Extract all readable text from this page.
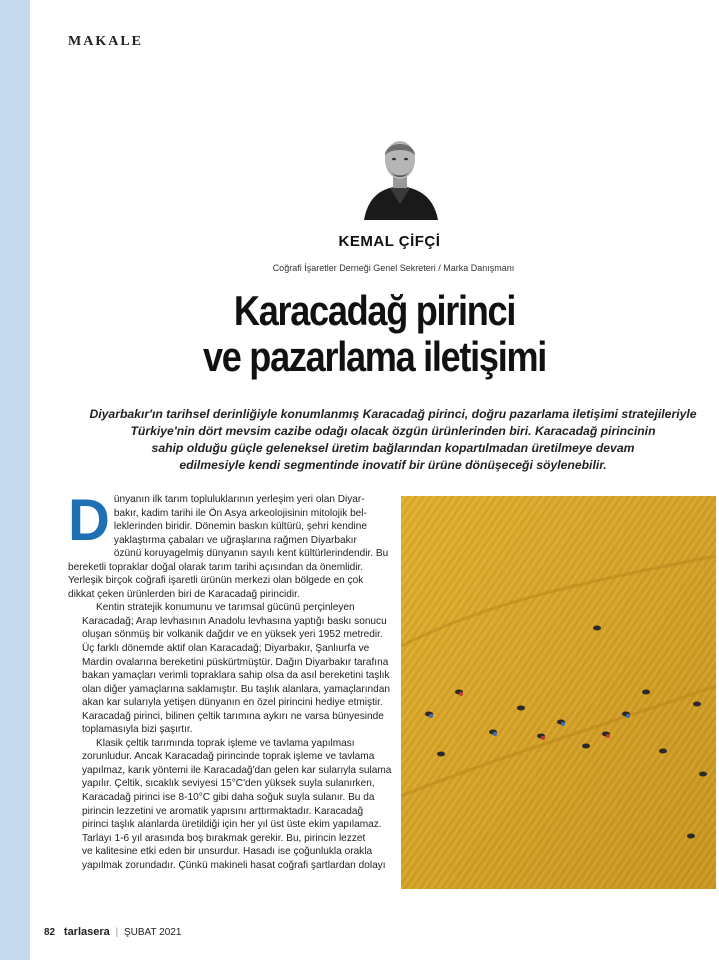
MAKALE
KEMAL ÇİFÇİ
Coğrafi İşaretler Derneği Genel Sekreteri / Marka Danışmanı
Karacadağ pirinci
ve pazarlama iletişimi
Diyarbakır'ın tarihsel derinliğiyle konumlanmış Karacadağ pirinci, doğru pazarlama iletişimi stratejileriyle
Türkiye'nin dört mevsim cazibe odağı olacak özgün ürünlerinden biri. Karacadağ pirincinin
sahip olduğu güçle geleneksel üretim bağlarından kopartılmadan üretilmeye devam
edilmesiyle kendi segmentinde inovatif bir ürüne dönüşeceği söylenebilir.

D ünyanın ilk tarım topluluklarının yerleşim yeri olan Diyar-
bakır, kadim tarihi ile Ön Asya arkeolojisinin mitolojik bel-
leklerinden biridir. Dönemin baskın kültürü, şehri kendine
yaklaştırma çabaları ve uğraşlarına rağmen Diyarbakır
özünü koruyagelmiş dünyanın sayılı kent kültürlerindendir. Bu
bereketli topraklar doğal olarak tarım tarihi açısından da önemlidir.
Yerleşik birçok coğrafi işaretli ürünün merkezi olan bölgede en çok
dikkat çeken ürünlerden biri de Karacadağ pirincidir.

Kentin stratejik konumunu ve tarımsal gücünü perçinleyen
Karacadağ; Arap levhasının Anadolu levhasına yaptığı baskı sonucu
oluşan sönmüş bir volkanik dağdır ve en yüksek yeri 1952 metredir.
Üç farklı dönemde aktif olan Karacadağ; Diyarbakır, Şanlıurfa ve
Mardin ovalarına bereketini püskürtmüştür. Dağın Diyarbakır tarafına
bakan yamaçları verimli topraklara sahip olsa da asıl bereketini taşlık
olan diğer yamaçlarına saklamıştır. Bu taşlık alanlara, yamaçlarından
akan kar sularıyla yetişen dünyanın en özel pirincini hediye etmiştir.
Karacadağ pirinci, bilinen çeltik tarımına aykırı ne varsa bünyesinde
toplamasıyla bizi şaşırtır.

Klasik çeltik tarımında toprak işleme ve tavlama yapılması
zorunludur. Ancak Karacadağ pirincinde toprak işleme ve tavlama
yapılmaz, karık yöntemi ile Karacadağ'dan gelen kar sularıyla sulama
yapılır. Çeltik, sıcaklık seviyesi 15°C'den yüksek suyla sulanırken,
Karacadağ pirinci ise 8-10°C gibi daha soğuk suyla sulanır. Bu da
pirincin lezzetini ve aromatik yapısını arttırmaktadır. Karacadağ
pirinci taşlık alanlarda üretildiği için her yıl üst üste ekim yapılamaz.
Tarlayı 1-6 yıl arasında boş bırakmak gerekir. Bu, pirincin lezzet
ve kalitesine etki eden bir unsurdur. Hasadı ise çoğunlukla orakla
yapılmak zorundadır. Çünkü makineli hasat coğrafi şartlardan dolayı

82 tarlasera | ŞUBAT 2021
